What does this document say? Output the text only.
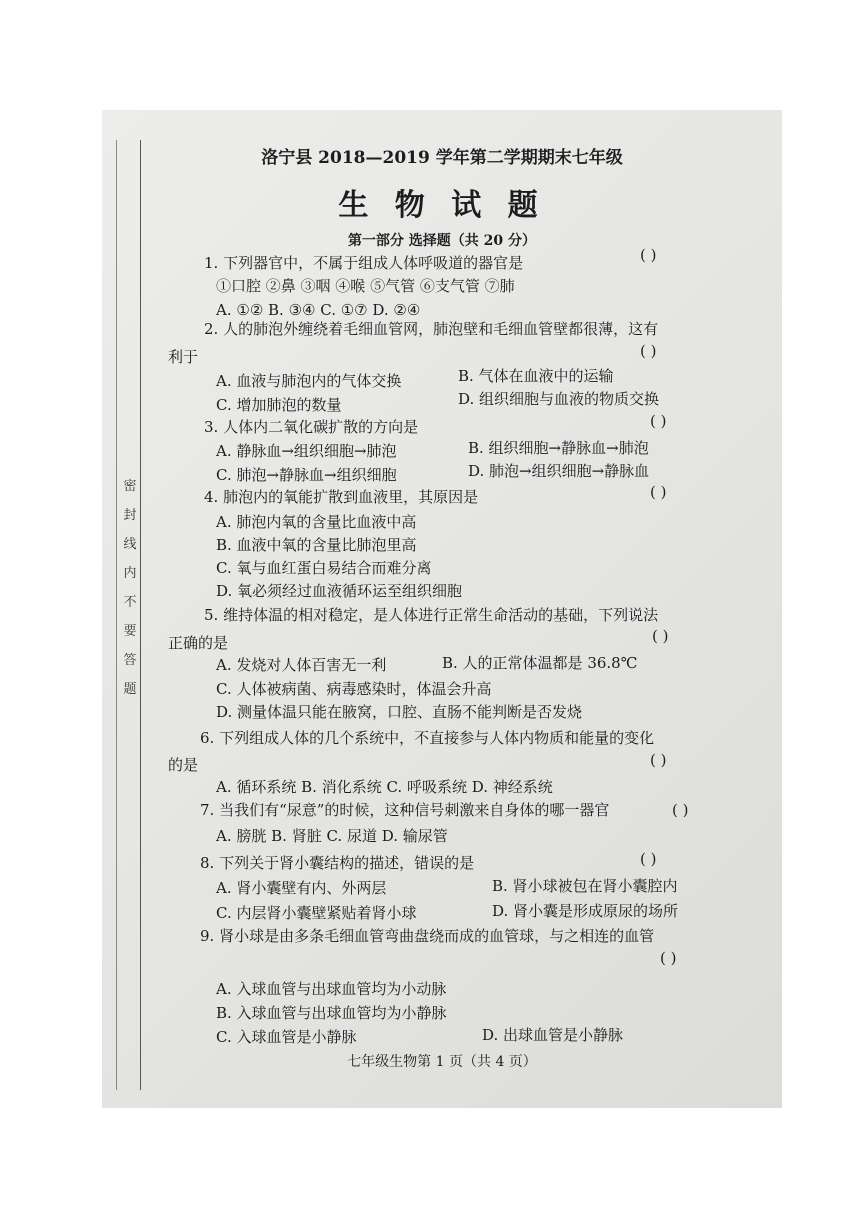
密
封
线
内
不
要
答
题
洛宁县 2018—2019 学年第二学期期末七年级
生 物 试 题
第一部分 选择题（共 20 分）
1. 下列器官中，不属于组成人体呼吸道的器官是	( )
①口腔 ②鼻 ③咽 ④喉 ⑤气管 ⑥支气管 ⑦肺
A. ①② B. ③④ C. ①⑦ D. ②④
2. 人的肺泡外缠绕着毛细血管网，肺泡壁和毛细血管壁都很薄，这有
利于	( )
A. 血液与肺泡内的气体交换	B. 气体在血液中的运输
C. 增加肺泡的数量	D. 组织细胞与血液的物质交换
3. 人体内二氧化碳扩散的方向是	( )
A. 静脉血→组织细胞→肺泡	B. 组织细胞→静脉血→肺泡
C. 肺泡→静脉血→组织细胞	D. 肺泡→组织细胞→静脉血
4. 肺泡内的氧能扩散到血液里，其原因是	( )
A. 肺泡内氧的含量比血液中高
B. 血液中氧的含量比肺泡里高
C. 氧与血红蛋白易结合而难分离
D. 氧必须经过血液循环运至组织细胞
5. 维持体温的相对稳定，是人体进行正常生命活动的基础，下列说法
正确的是	( )
A. 发烧对人体百害无一利	B. 人的正常体温都是 36.8℃
C. 人体被病菌、病毒感染时，体温会升高
D. 测量体温只能在腋窝，口腔、直肠不能判断是否发烧
6. 下列组成人体的几个系统中，不直接参与人体内物质和能量的变化
的是	( )
A. 循环系统 B. 消化系统 C. 呼吸系统 D. 神经系统
7. 当我们有“尿意”的时候，这种信号刺激来自身体的哪一器官	( )
A. 膀胱 B. 肾脏 C. 尿道 D. 输尿管
8. 下列关于肾小囊结构的描述，错误的是	( )
A. 肾小囊壁有内、外两层	B. 肾小球被包在肾小囊腔内
C. 内层肾小囊壁紧贴着肾小球	D. 肾小囊是形成原尿的场所
9. 肾小球是由多条毛细血管弯曲盘绕而成的血管球，与之相连的血管
( )
A. 入球血管与出球血管均为小动脉
B. 入球血管与出球血管均为小静脉
C. 入球血管是小静脉	D. 出球血管是小静脉
七年级生物第 1 页（共 4 页）
